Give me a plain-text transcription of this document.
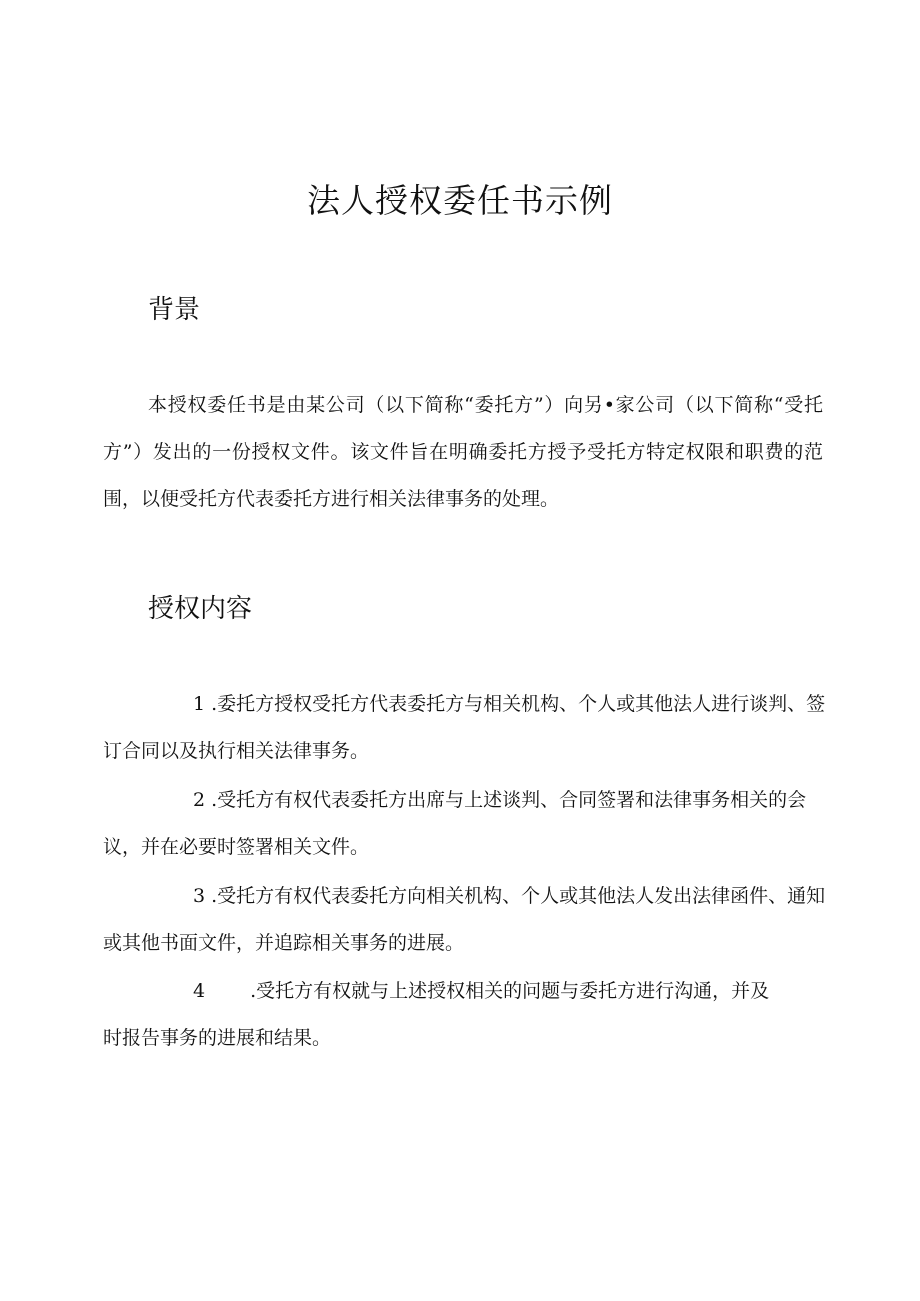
法人授权委任书示例
背景

本授权委任书是由某公司（以下简称“委托方”）向另•家公司（以下简称“受托方”）发出的一份授权文件。该文件旨在明确委托方授予受托方特定权限和职费的范围，以便受托方代表委托方进行相关法律事务的处理。

授权内容

1 .委托方授权受托方代表委托方与相关机构、个人或其他法人进行谈判、签订合同以及执行相关法律事务。

2 .受托方有权代表委托方出席与上述谈判、合同签署和法律事务相关的会议，并在必要时签署相关文件。

3 .受托方有权代表委托方向相关机构、个人或其他法人发出法律函件、通知或其他书面文件，并追踪相关事务的进展。

4 .受托方有权就与上述授权相关的问题与委托方进行沟通，并及时报告事务的进展和结果。
